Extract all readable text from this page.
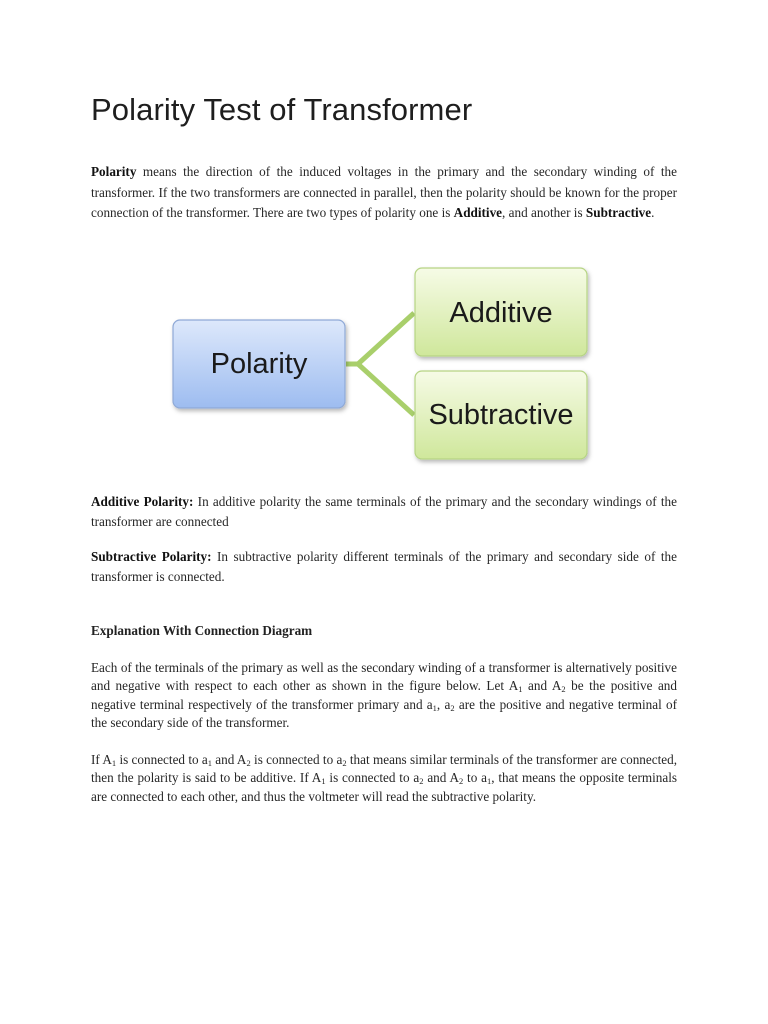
Polarity Test of Transformer

Polarity means the direction of the induced voltages in the primary and the secondary winding of the transformer. If the two transformers are connected in parallel, then the polarity should be known for the proper connection of the transformer. There are two types of polarity one is Additive, and another is Subtractive.

Polarity
Additive
Subtractive

Additive Polarity: In additive polarity the same terminals of the primary and the secondary windings of the transformer are connected

Subtractive Polarity: In subtractive polarity different terminals of the primary and secondary side of the transformer is connected.

Explanation With Connection Diagram

Each of the terminals of the primary as well as the secondary winding of a transformer is alternatively positive and negative with respect to each other as shown in the figure below. Let $A_1$ and $A_2$ be the positive and negative terminal respectively of the transformer primary and $a_1$, $a_2$ are the positive and negative terminal of the secondary side of the transformer.

If $A_1$ is connected to $a_1$ and $A_2$ is connected to $a_2$ that means similar terminals of the transformer are connected, then the polarity is said to be additive. If $A_1$ is connected to $a_2$ and $A_2$ to $a_1$, that means the opposite terminals are connected to each other, and thus the voltmeter will read the subtractive polarity.
